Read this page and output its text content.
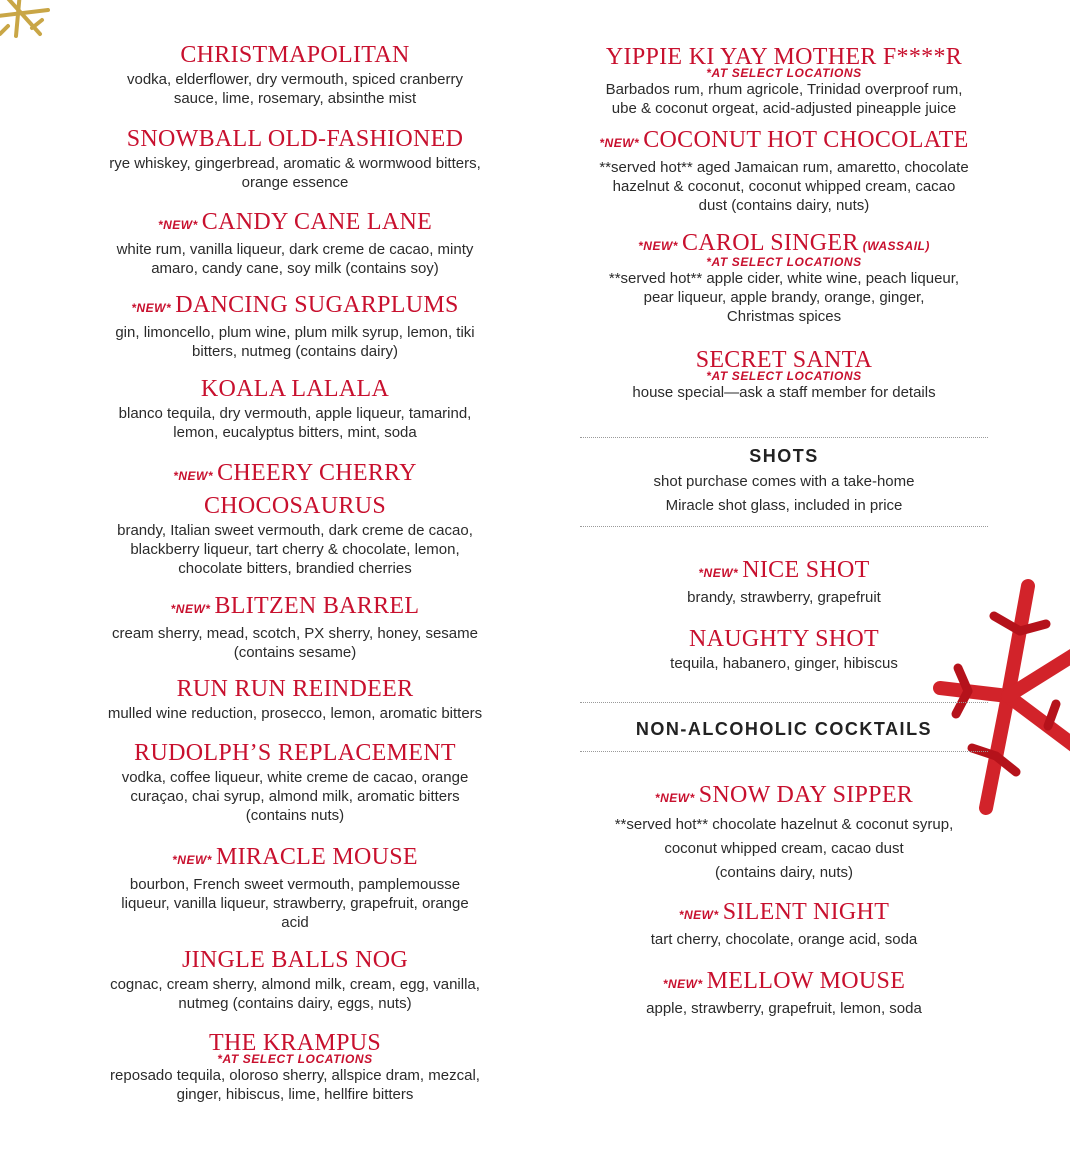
CHRISTMAPOLITAN
vodka, elderflower, dry vermouth, spiced cranberry
sauce, lime, rosemary, absinthe mist
SNOWBALL OLD-FASHIONED
rye whiskey, gingerbread, aromatic & wormwood bitters,
orange essence
*NEW* CANDY CANE LANE
white rum, vanilla liqueur, dark creme de cacao, minty
amaro, candy cane, soy milk (contains soy)
*NEW* DANCING SUGARPLUMS
gin, limoncello, plum wine, plum milk syrup, lemon, tiki
bitters, nutmeg (contains dairy)
KOALA LALALA
blanco tequila, dry vermouth, apple liqueur, tamarind,
lemon, eucalyptus bitters, mint, soda
*NEW* CHEERY CHERRY
CHOCOSAURUS
brandy, Italian sweet vermouth, dark creme de cacao,
blackberry liqueur, tart cherry & chocolate, lemon,
chocolate bitters, brandied cherries
*NEW* BLITZEN BARREL
cream sherry, mead, scotch, PX sherry, honey, sesame
(contains sesame)
RUN RUN REINDEER
mulled wine reduction, prosecco, lemon, aromatic bitters
RUDOLPH’S REPLACEMENT
vodka, coffee liqueur, white creme de cacao, orange
curaçao, chai syrup, almond milk, aromatic bitters
(contains nuts)
*NEW* MIRACLE MOUSE
bourbon, French sweet vermouth, pamplemousse
liqueur, vanilla liqueur, strawberry, grapefruit, orange
acid
JINGLE BALLS NOG
cognac, cream sherry, almond milk, cream, egg, vanilla,
nutmeg (contains dairy, eggs, nuts)
THE KRAMPUS
*AT SELECT LOCATIONS
reposado tequila, oloroso sherry, allspice dram, mezcal,
ginger, hibiscus, lime, hellfire bitters
YIPPIE KI YAY MOTHER F****R
*AT SELECT LOCATIONS
Barbados rum, rhum agricole, Trinidad overproof rum,
ube & coconut orgeat, acid-adjusted pineapple juice
*NEW* COCONUT HOT CHOCOLATE
**served hot** aged Jamaican rum, amaretto, chocolate
hazelnut & coconut, coconut whipped cream, cacao
dust (contains dairy, nuts)
*NEW* CAROL SINGER (WASSAIL)
*AT SELECT LOCATIONS
**served hot** apple cider, white wine, peach liqueur,
pear liqueur, apple brandy, orange, ginger,
Christmas spices
SECRET SANTA
*AT SELECT LOCATIONS
house special—ask a staff member for details
shot purchase comes with a take-home
Miracle shot glass, included in price
*NEW* NICE SHOT
brandy, strawberry, grapefruit
NAUGHTY SHOT
tequila, habanero, ginger, hibiscus
*NEW* SNOW DAY SIPPER
**served hot** chocolate hazelnut & coconut syrup,
coconut whipped cream, cacao dust
(contains dairy, nuts)
*NEW* SILENT NIGHT
tart cherry, chocolate, orange acid, soda
*NEW* MELLOW MOUSE
apple, strawberry, grapefruit, lemon, soda
SHOTS
NON-ALCOHOLIC COCKTAILS
